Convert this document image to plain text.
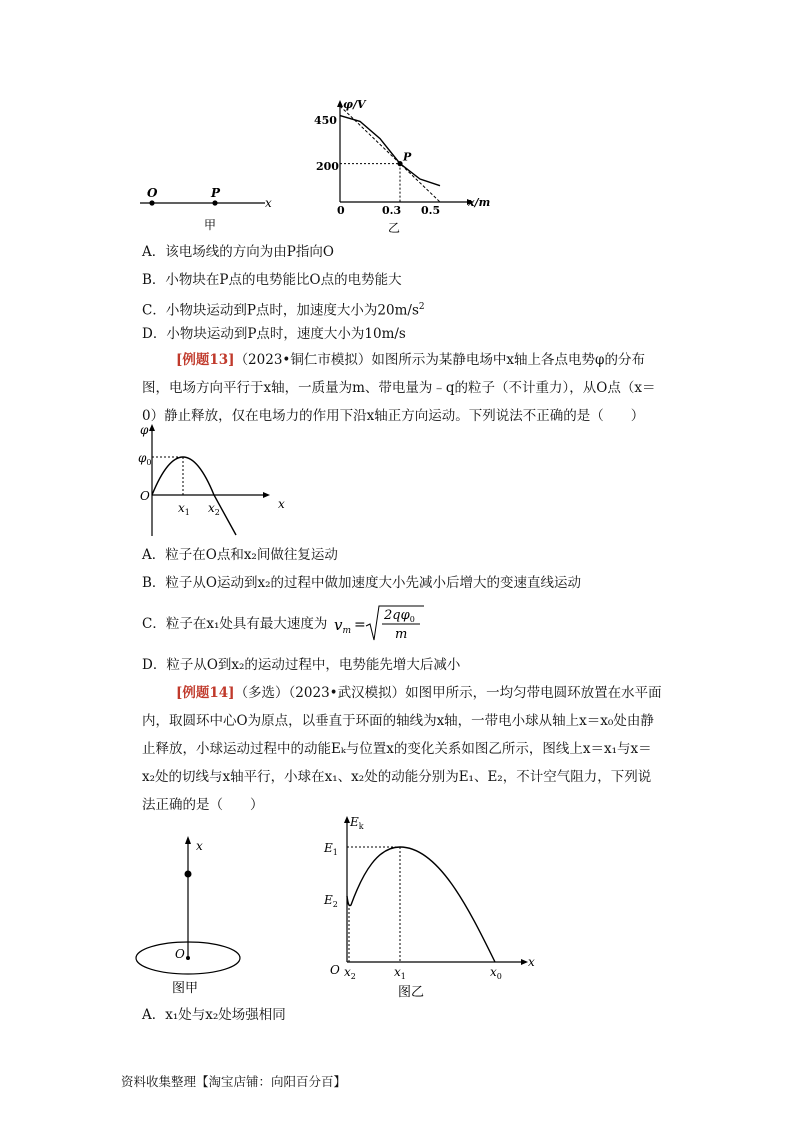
O	P
x
甲
φ/V
x/m
450
200
0	0.3 0.5
P
乙
A．该电场线的方向为由P指向O
B．小物块在P点的电势能比O点的电势能大
C．小物块运动到P点时，加速度大小为$20m/s^2$
D．小物块运动到P点时，速度大小为10m/s
[例题13]（2023•铜仁市模拟）如图所示为某静电场中x轴上各点电势φ的分布图，电场方向平行于x轴，一质量为m、带电量为﹣q的粒子（不计重力），从O点（x＝0）静止释放，仅在电场力的作用下沿x轴正方向运动。下列说法不正确的是（　　）
φ
$\varphi_0$
O
x
$x_1$ $x_2$
A．粒子在O点和x₂间做往复运动
B．粒子从O运动到x₂的过程中做加速度大小先减小后增大的变速直线运动
C．粒子在x₁处具有最大速度为 $v_m$ =
$2q\varphi_0$
m
D．粒子从O到x₂的运动过程中，电势能先增大后减小
[例题14]（多选）（2023•武汉模拟）如图甲所示，一均匀带电圆环放置在水平面内，取圆环中心O为原点，以垂直于环面的轴线为x轴，一带电小球从轴上x＝x₀处由静止释放，小球运动过程中的动能Eₖ与位置x的变化关系如图乙所示，图线上x＝x₁与x＝x₂处的切线与x轴平行，小球在x₁、x₂处的动能分别为E₁、E₂，不计空气阻力，下列说法正确的是（　　）
x
O
图甲
$E_k$
$E_1$
$E_2$
O $x_2$	$x_1$	$x_0$
x
图乙
A．x₁处与x₂处场强相同
资料收集整理【淘宝店铺：向阳百分百】
